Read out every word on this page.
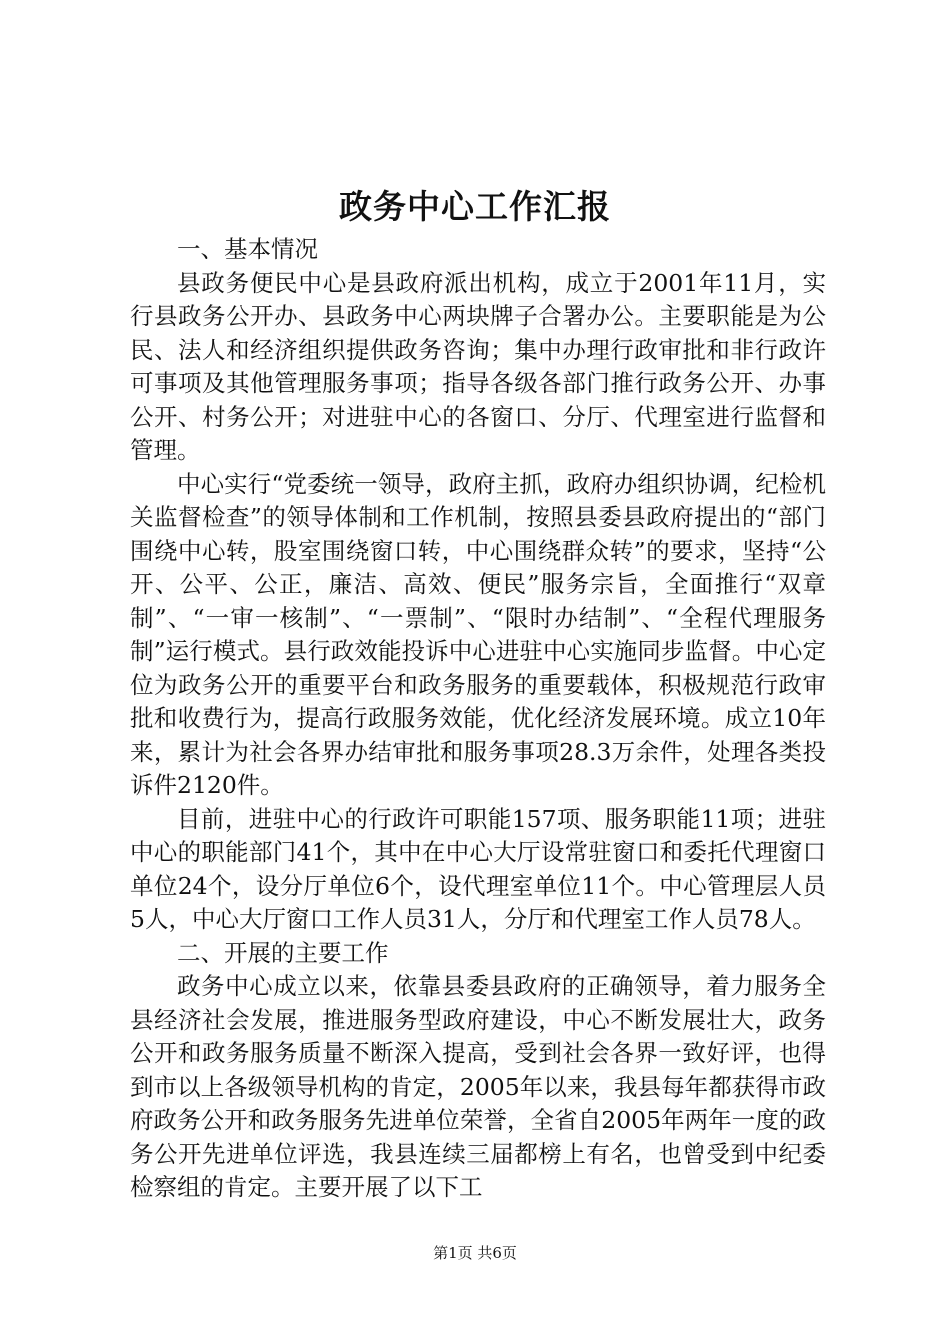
政务中心工作汇报

一、基本情况

县政务便民中心是县政府派出机构，成立于2001年11月，实行县政务公开办、县政务中心两块牌子合署办公。主要职能是为公民、法人和经济组织提供政务咨询；集中办理行政审批和非行政许可事项及其他管理服务事项；指导各级各部门推行政务公开、办事公开、村务公开；对进驻中心的各窗口、分厅、代理室进行监督和管理。

中心实行“党委统一领导，政府主抓，政府办组织协调，纪检机关监督检查”的领导体制和工作机制，按照县委县政府提出的“部门围绕中心转，股室围绕窗口转，中心围绕群众转”的要求，坚持“公开、公平、公正，廉洁、高效、便民”服务宗旨，全面推行“双章制”、“一审一核制”、“一票制”、“限时办结制”、“全程代理服务制”运行模式。县行政效能投诉中心进驻中心实施同步监督。中心定位为政务公开的重要平台和政务服务的重要载体，积极规范行政审批和收费行为，提高行政服务效能，优化经济发展环境。成立10年来，累计为社会各界办结审批和服务事项28.3万余件，处理各类投诉件2120件。

目前，进驻中心的行政许可职能157项、服务职能11项；进驻中心的职能部门41个，其中在中心大厅设常驻窗口和委托代理窗口单位24个，设分厅单位6个，设代理室单位11个。中心管理层人员5人，中心大厅窗口工作人员31人，分厅和代理室工作人员78人。

二、开展的主要工作

政务中心成立以来，依靠县委县政府的正确领导，着力服务全县经济社会发展，推进服务型政府建设，中心不断发展壮大，政务公开和政务服务质量不断深入提高，受到社会各界一致好评，也得到市以上各级领导机构的肯定，2005年以来，我县每年都获得市政府政务公开和政务服务先进单位荣誉，全省自2005年两年一度的政务公开先进单位评选，我县连续三届都榜上有名，也曾受到中纪委检察组的肯定。主要开展了以下工

第1页 共6页
